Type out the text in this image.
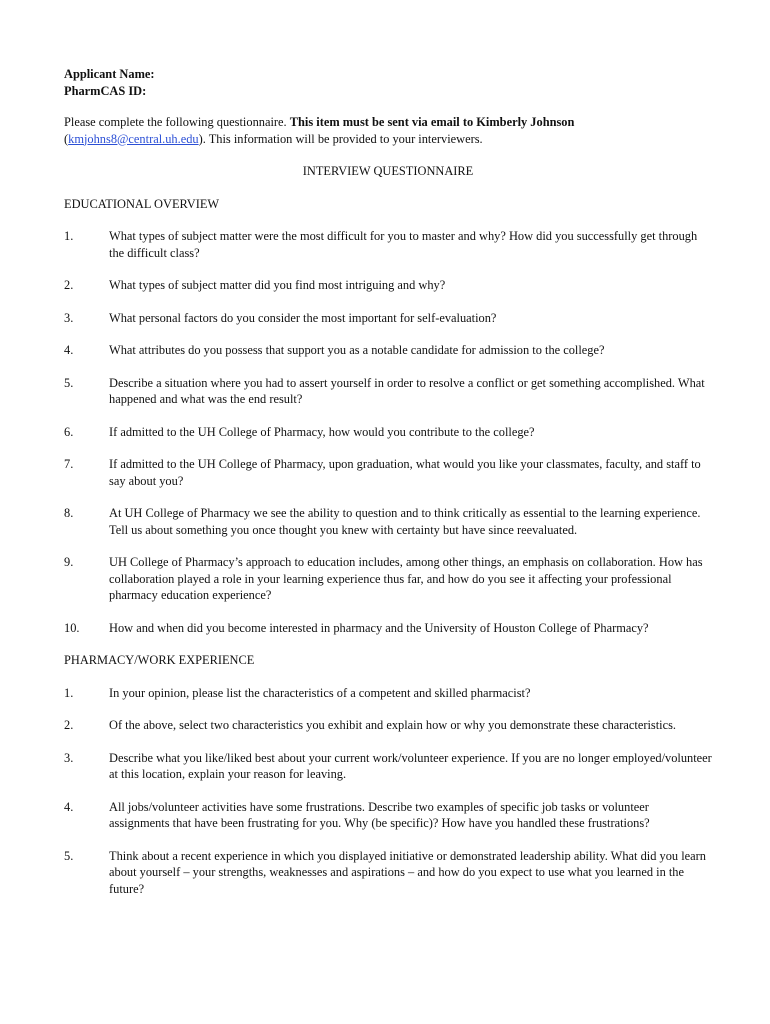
Applicant Name:

PharmCAS ID:

Please complete the following questionnaire. This item must be sent via email to Kimberly Johnson
(kmjohns8@central.uh.edu). This information will be provided to your interviewers.
INTERVIEW QUESTIONNAIRE
EDUCATIONAL OVERVIEW
1.	What types of subject matter were the most difficult for you to master and why? How did you successfully get through the difficult class?
2.	What types of subject matter did you find most intriguing and why?
3.	What personal factors do you consider the most important for self-evaluation?
4.	What attributes do you possess that support you as a notable candidate for admission to the college?
5.	Describe a situation where you had to assert yourself in order to resolve a conflict or get something accomplished. What happened and what was the end result?
6.	If admitted to the UH College of Pharmacy, how would you contribute to the college?
7.	If admitted to the UH College of Pharmacy, upon graduation, what would you like your classmates, faculty, and staff to say about you?
8.	At UH College of Pharmacy we see the ability to question and to think critically as essential to the learning experience. Tell us about something you once thought you knew with certainty but have since reevaluated.
9.	UH College of Pharmacy’s approach to education includes, among other things, an emphasis on collaboration. How has collaboration played a role in your learning experience thus far, and how do you see it affecting your professional pharmacy education experience?
10.	How and when did you become interested in pharmacy and the University of Houston College of Pharmacy?
PHARMACY/WORK EXPERIENCE
1.	In your opinion, please list the characteristics of a competent and skilled pharmacist?
2.	Of the above, select two characteristics you exhibit and explain how or why you demonstrate these characteristics.
3.	Describe what you like/liked best about your current work/volunteer experience. If you are no longer employed/volunteer at this location, explain your reason for leaving.
4.	All jobs/volunteer activities have some frustrations. Describe two examples of specific job tasks or volunteer assignments that have been frustrating for you. Why (be specific)? How have you handled these frustrations?
5.	Think about a recent experience in which you displayed initiative or demonstrated leadership ability. What did you learn about yourself – your strengths, weaknesses and aspirations – and how do you expect to use what you learned in the future?
